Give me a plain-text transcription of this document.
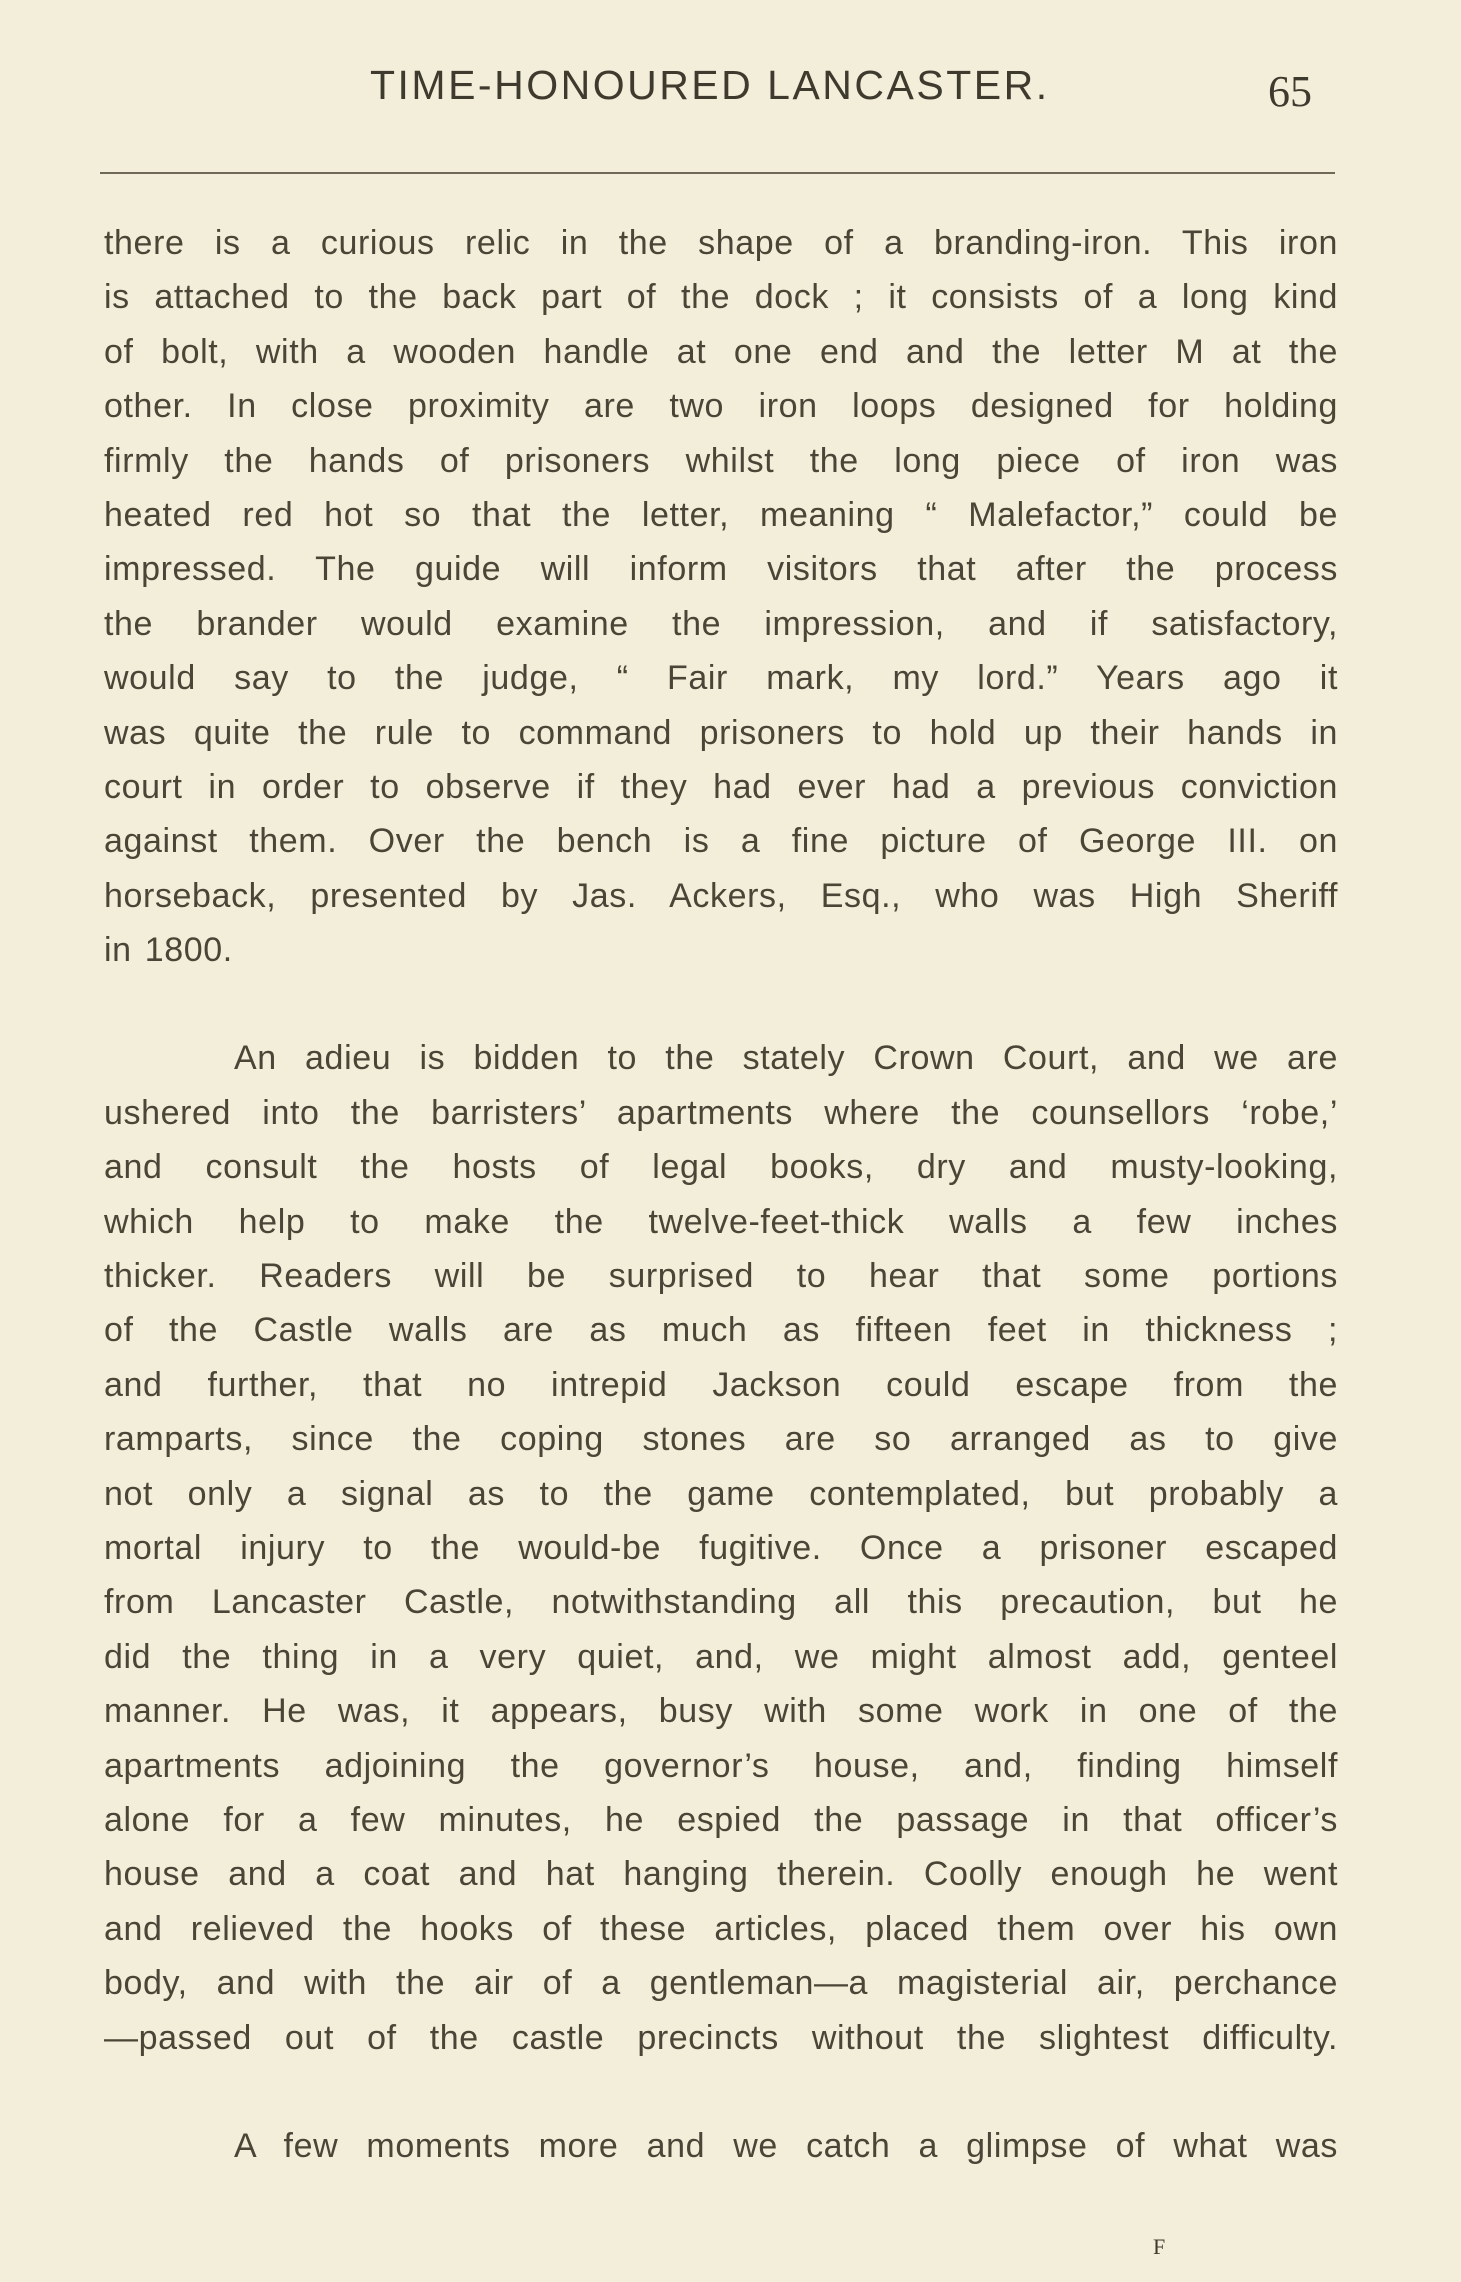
TIME-HONOURED LANCASTER.	65
there is a curious relic in the shape of a branding-iron. This iron
is attached to the back part of the dock ; it consists of a long kind
of bolt, with a wooden handle at one end and the letter M at the
other. In close proximity are two iron loops designed for holding
firmly the hands of prisoners whilst the long piece of iron was
heated red hot so that the letter, meaning “ Malefactor,” could be
impressed. The guide will inform visitors that after the process
the brander would examine the impression, and if satisfactory,
would say to the judge, “ Fair mark, my lord.” Years ago it
was quite the rule to command prisoners to hold up their hands in
court in order to observe if they had ever had a previous conviction
against them. Over the bench is a fine picture of George III. on
horseback, presented by Jas. Ackers, Esq., who was High Sheriff
in 1800.
An adieu is bidden to the stately Crown Court, and we are
ushered into the barristers’ apartments where the counsellors ‘robe,’
and consult the hosts of legal books, dry and musty-looking,
which help to make the twelve-feet-thick walls a few inches
thicker. Readers will be surprised to hear that some portions
of the Castle walls are as much as fifteen feet in thickness ;
and further, that no intrepid Jackson could escape from the
ramparts, since the coping stones are so arranged as to give
not only a signal as to the game contemplated, but probably a
mortal injury to the would-be fugitive. Once a prisoner escaped
from Lancaster Castle, notwithstanding all this precaution, but he
did the thing in a very quiet, and, we might almost add, genteel
manner. He was, it appears, busy with some work in one of the
apartments adjoining the governor’s house, and, finding himself
alone for a few minutes, he espied the passage in that officer’s
house and a coat and hat hanging therein. Coolly enough he went
and relieved the hooks of these articles, placed them over his own
body, and with the air of a gentleman—a magisterial air, perchance
—passed out of the castle precincts without the slightest difficulty.
A few moments more and we catch a glimpse of what was
F
